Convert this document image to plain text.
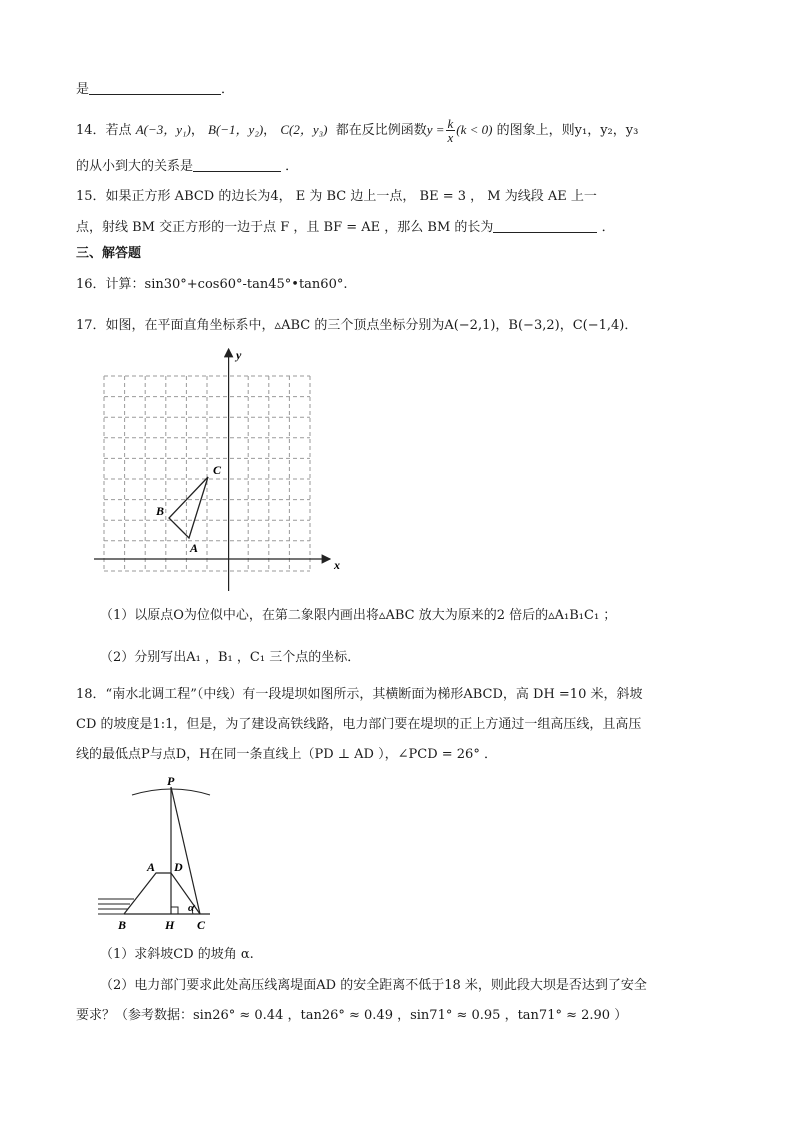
是	．
14．若点 A(−3，y₁)， B(−1，y₂)， C(2，y₃) 都在反比例函数$y = \frac{k}{x} (k < 0)$ 的图象上，则y₁，y₂，y₃
的从小到大的关系是	．
15．如果正方形 ABCD 的边长为4， E 为 BC 边上一点， BE = 3 ， M 为线段 AE 上一
点，射线 BM 交正方形的一边于点 F ，且 BF = AE ，那么 BM 的长为	．
三、解答题
16．计算：sin30°+cos60°-tan45°•tan60°.
17．如图，在平面直角坐标系中，▵ABC 的三个顶点坐标分别为A(−2,1)，B(−3,2)，C(−1,4)．
y
x
A
B
C
（1）以原点O为位似中心，在第二象限内画出将▵ABC 放大为原来的2 倍后的▵A₁B₁C₁ ；
（2）分别写出A₁ ，B₁ ，C₁ 三个点的坐标．
18．“南水北调工程”（中线）有一段堤坝如图所示，其横断面为梯形ABCD，高 DH =10 米，斜坡
CD 的坡度是1:1，但是，为了建设高铁线路，电力部门要在堤坝的正上方通过一组高压线，且高压
线的最低点P与点D，H在同一条直线上（PD ⊥ AD ），∠PCD = 26° ．
P
A D
B	H C
α
（1）求斜坡CD 的坡角 α.
（2）电力部门要求此处高压线离堤面AD 的安全距离不低于18 米，则此段大坝是否达到了安全
要求？（参考数据：sin26° ≈ 0.44 ，tan26° ≈ 0.49 ，sin71° ≈ 0.95 ，tan71° ≈ 2.90 ）
